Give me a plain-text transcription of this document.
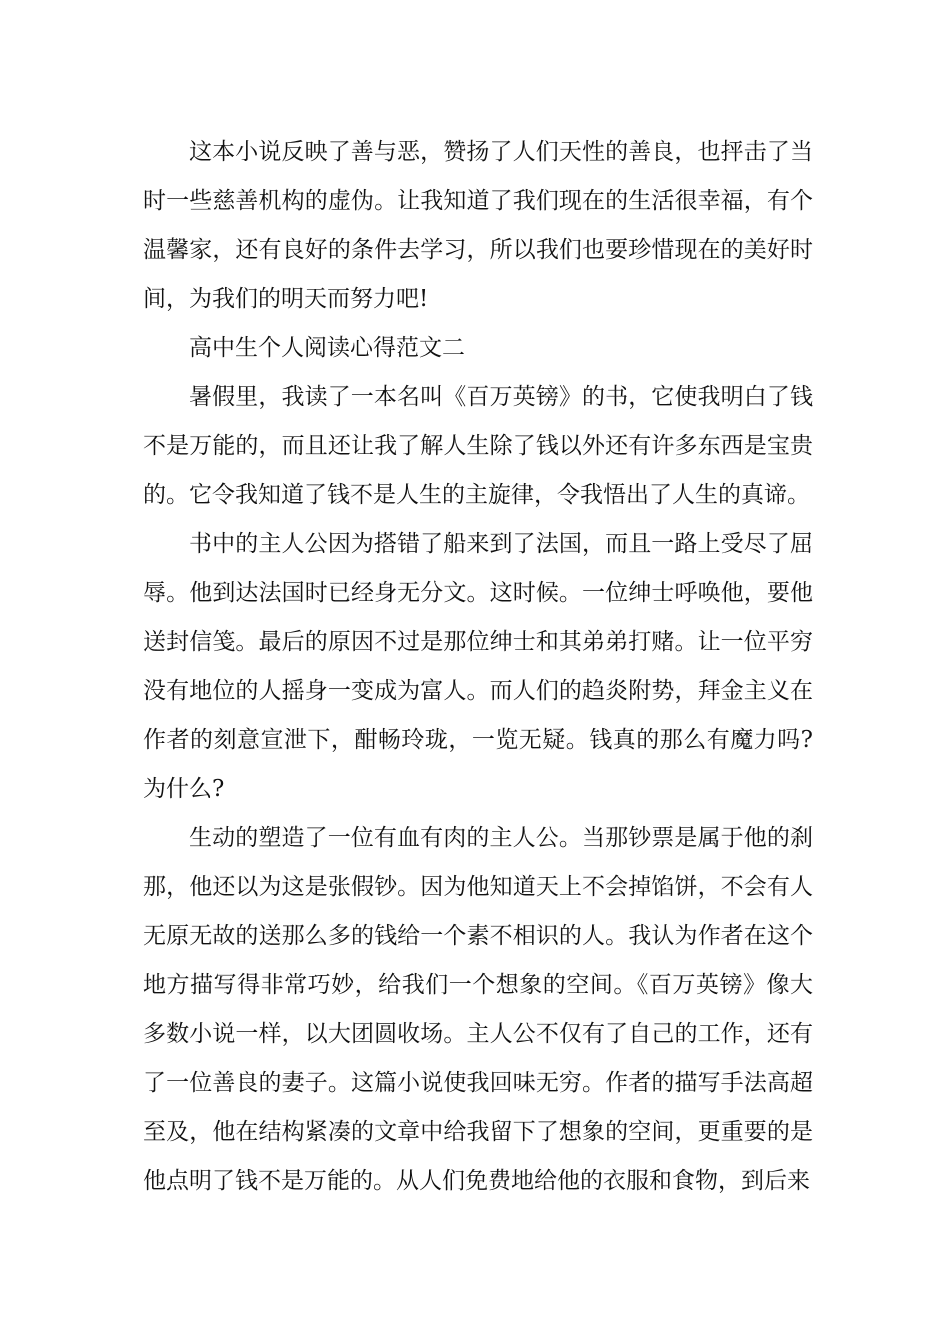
这本小说反映了善与恶，赞扬了人们天性的善良，也抨击了当时一些慈善机构的虚伪。让我知道了我们现在的生活很幸福，有个温馨家，还有良好的条件去学习，所以我们也要珍惜现在的美好时间，为我们的明天而努力吧!

高中生个人阅读心得范文二

暑假里，我读了一本名叫《百万英镑》的书，它使我明白了钱不是万能的，而且还让我了解人生除了钱以外还有许多东西是宝贵的。它令我知道了钱不是人生的主旋律，令我悟出了人生的真谛。

书中的主人公因为搭错了船来到了法国，而且一路上受尽了屈辱。他到达法国时已经身无分文。这时候。一位绅士呼唤他，要他送封信笺。最后的原因不过是那位绅士和其弟弟打赌。让一位平穷没有地位的人摇身一变成为富人。而人们的趋炎附势，拜金主义在作者的刻意宣泄下，酣畅玲珑，一览无疑。钱真的那么有魔力吗?为什么?

生动的塑造了一位有血有肉的主人公。当那钞票是属于他的刹那，他还以为这是张假钞。因为他知道天上不会掉馅饼，不会有人无原无故的送那么多的钱给一个素不相识的人。我认为作者在这个地方描写得非常巧妙，给我们一个想象的空间。《百万英镑》像大多数小说一样，以大团圆收场。主人公不仅有了自己的工作，还有了一位善良的妻子。这篇小说使我回味无穷。作者的描写手法高超至及，他在结构紧凑的文章中给我留下了想象的空间，更重要的是他点明了钱不是万能的。从人们免费地给他的衣服和食物，到后来
